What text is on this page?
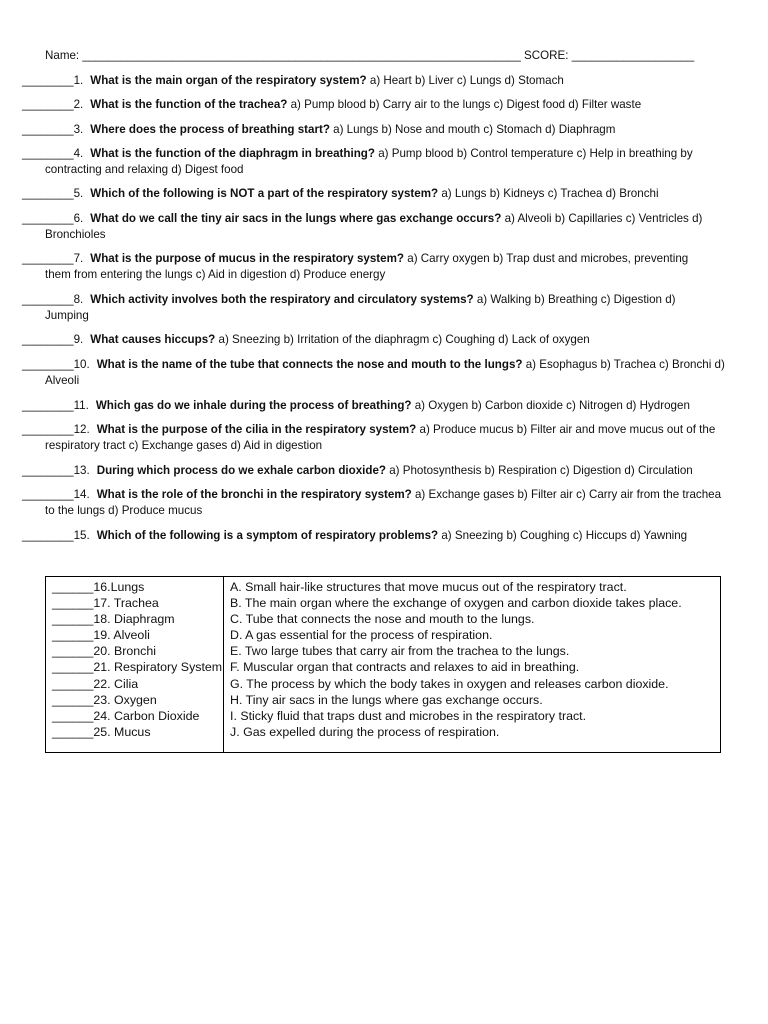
Name: ____________________________________________________________________ SCORE: ___________________
________1. What is the main organ of the respiratory system? a) Heart b) Liver c) Lungs d) Stomach
________2. What is the function of the trachea? a) Pump blood b) Carry air to the lungs c) Digest food d) Filter waste
________3. Where does the process of breathing start? a) Lungs b) Nose and mouth c) Stomach d) Diaphragm
________4. What is the function of the diaphragm in breathing? a) Pump blood b) Control temperature c) Help in breathing by
contracting and relaxing d) Digest food
________5. Which of the following is NOT a part of the respiratory system? a) Lungs b) Kidneys c) Trachea d) Bronchi
________6. What do we call the tiny air sacs in the lungs where gas exchange occurs? a) Alveoli b) Capillaries c) Ventricles d)
Bronchioles
________7. What is the purpose of mucus in the respiratory system? a) Carry oxygen b) Trap dust and microbes, preventing
them from entering the lungs c) Aid in digestion d) Produce energy
________8. Which activity involves both the respiratory and circulatory systems? a) Walking b) Breathing c) Digestion d)
Jumping
________9. What causes hiccups? a) Sneezing b) Irritation of the diaphragm c) Coughing d) Lack of oxygen
________10. What is the name of the tube that connects the nose and mouth to the lungs? a) Esophagus b) Trachea c) Bronchi d)
Alveoli
________11. Which gas do we inhale during the process of breathing? a) Oxygen b) Carbon dioxide c) Nitrogen d) Hydrogen
________12. What is the purpose of the cilia in the respiratory system? a) Produce mucus b) Filter air and move mucus out of the
respiratory tract c) Exchange gases d) Aid in digestion
________13. During which process do we exhale carbon dioxide? a) Photosynthesis b) Respiration c) Digestion d) Circulation
________14. What is the role of the bronchi in the respiratory system? a) Exchange gases b) Filter air c) Carry air from the trachea
to the lungs d) Produce mucus
________15. Which of the following is a symptom of respiratory problems? a) Sneezing b) Coughing c) Hiccups d) Yawning
______16.Lungs
______17. Trachea
______18. Diaphragm
______19. Alveoli
______20. Bronchi
______21. Respiratory System
______22. Cilia
______23. Oxygen
______24. Carbon Dioxide
______25. Mucus
A. Small hair-like structures that move mucus out of the respiratory tract.
B. The main organ where the exchange of oxygen and carbon dioxide takes place.
C. Tube that connects the nose and mouth to the lungs.
D. A gas essential for the process of respiration.
E. Two large tubes that carry air from the trachea to the lungs.
F. Muscular organ that contracts and relaxes to aid in breathing.
G. The process by which the body takes in oxygen and releases carbon dioxide.
H. Tiny air sacs in the lungs where gas exchange occurs.
I. Sticky fluid that traps dust and microbes in the respiratory tract.
J. Gas expelled during the process of respiration.
